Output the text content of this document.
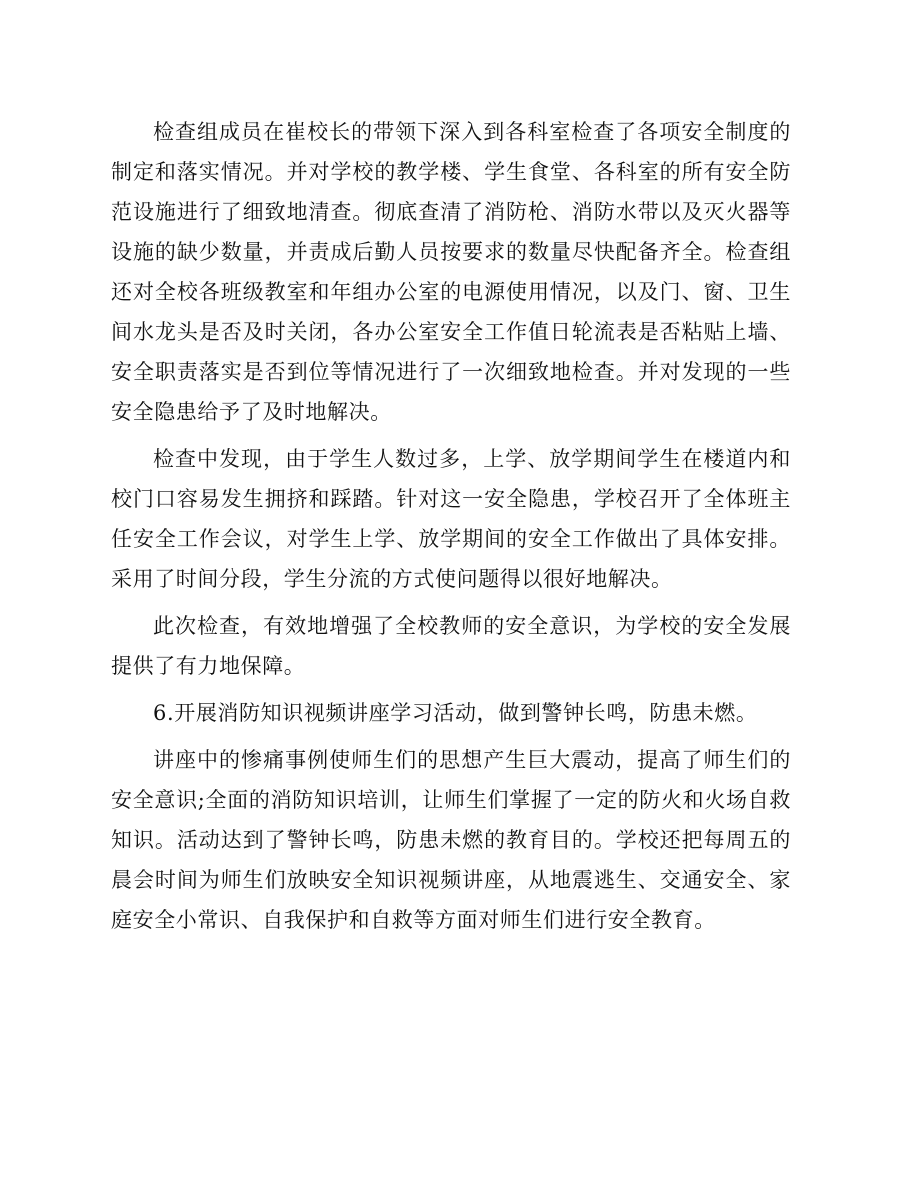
检查组成员在崔校长的带领下深入到各科室检查了各项安全制度的制定和落实情况。并对学校的教学楼、学生食堂、各科室的所有安全防范设施进行了细致地清查。彻底查清了消防枪、消防水带以及灭火器等设施的缺少数量，并责成后勤人员按要求的数量尽快配备齐全。检查组还对全校各班级教室和年组办公室的电源使用情况，以及门、窗、卫生间水龙头是否及时关闭，各办公室安全工作值日轮流表是否粘贴上墙、安全职责落实是否到位等情况进行了一次细致地检查。并对发现的一些安全隐患给予了及时地解决。

检查中发现，由于学生人数过多，上学、放学期间学生在楼道内和校门口容易发生拥挤和踩踏。针对这一安全隐患，学校召开了全体班主任安全工作会议，对学生上学、放学期间的安全工作做出了具体安排。采用了时间分段，学生分流的方式使问题得以很好地解决。

此次检查，有效地增强了全校教师的安全意识，为学校的安全发展提供了有力地保障。

6.开展消防知识视频讲座学习活动，做到警钟长鸣，防患未燃。

讲座中的惨痛事例使师生们的思想产生巨大震动，提高了师生们的安全意识;全面的消防知识培训，让师生们掌握了一定的防火和火场自救知识。活动达到了警钟长鸣，防患未燃的教育目的。学校还把每周五的晨会时间为师生们放映安全知识视频讲座，从地震逃生、交通安全、家庭安全小常识、自我保护和自救等方面对师生们进行安全教育。
